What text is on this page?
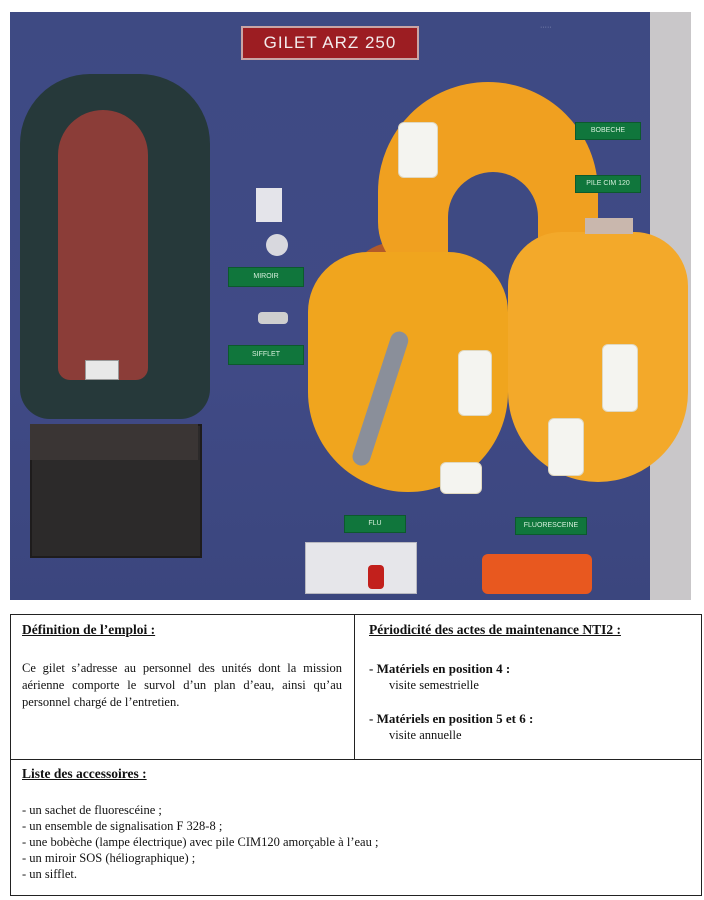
·····
GILET ARZ 250
MIROIR
SIFFLET
BOBECHE
PILE CIM 120
FLU	FLUORESCEINE
Définition de l’emploi :

Ce gilet s’adresse au personnel des unités dont la mission aérienne comporte le survol d’un plan d’eau, ainsi qu’au personnel chargé de l’entretien.

Périodicité des actes de maintenance NTI2 :
- Matériels en position 4 :
visite semestrielle
- Matériels en position 5 et 6 :
visite annuelle
Liste des accessoires :
- un sachet de fluorescéine ;
- un ensemble de signalisation F 328-8 ;
- une bobèche (lampe électrique) avec pile CIM120 amorçable à l’eau ;
- un miroir SOS (héliographique) ;
- un sifflet.
